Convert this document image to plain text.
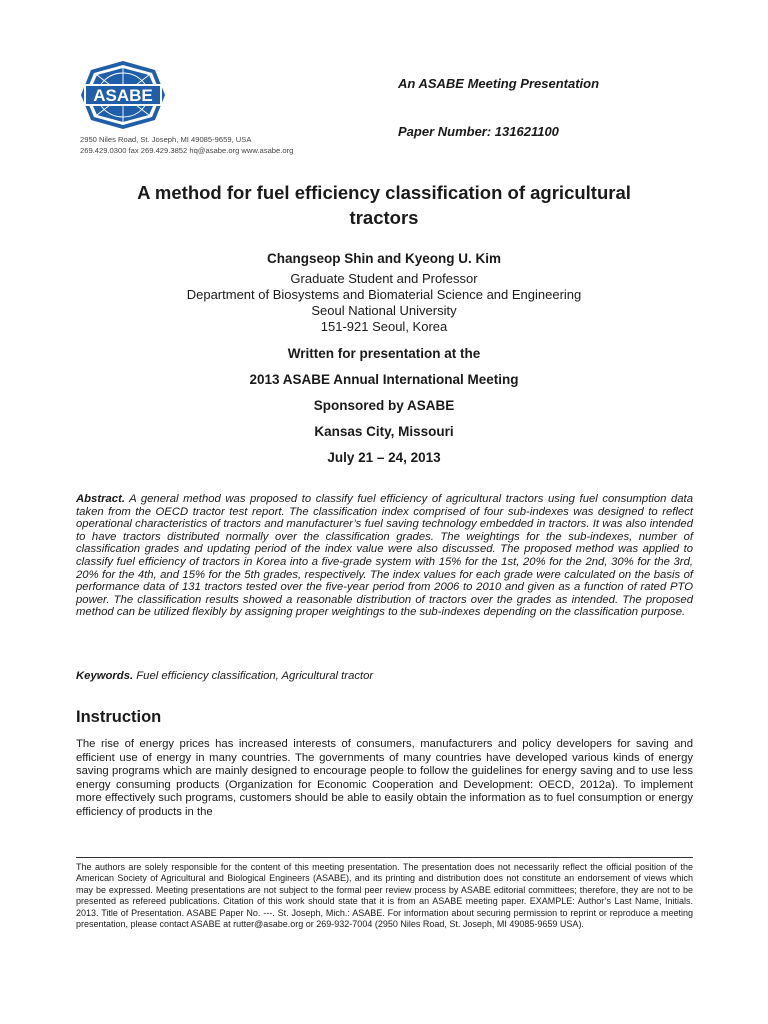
ASABE
2950 Niles Road, St. Joseph, MI 49085-9659, USA
269.429.0300 fax 269.429.3852 hq@asabe.org www.asabe.org
An ASABE Meeting Presentation
Paper Number: 131621100
A method for fuel efficiency classification of agricultural tractors
Changseop Shin and Kyeong U. Kim
Graduate Student and Professor
Department of Biosystems and Biomaterial Science and Engineering
Seoul National University
151-921 Seoul, Korea
Written for presentation at the
2013 ASABE Annual International Meeting
Sponsored by ASABE
Kansas City, Missouri
July 21 – 24, 2013
Abstract. A general method was proposed to classify fuel efficiency of agricultural tractors using fuel consumption data taken from the OECD tractor test report. The classification index comprised of four sub-indexes was designed to reflect operational characteristics of tractors and manufacturer’s fuel saving technology embedded in tractors. It was also intended to have tractors distributed normally over the classification grades. The weightings for the sub-indexes, number of classification grades and updating period of the index value were also discussed. The proposed method was applied to classify fuel efficiency of tractors in Korea into a five-grade system with 15% for the 1st, 20% for the 2nd, 30% for the 3rd, 20% for the 4th, and 15% for the 5th grades, respectively. The index values for each grade were calculated on the basis of performance data of 131 tractors tested over the five-year period from 2006 to 2010 and given as a function of rated PTO power. The classification results showed a reasonable distribution of tractors over the grades as intended. The proposed method can be utilized flexibly by assigning proper weightings to the sub-indexes depending on the classification purpose.
Keywords. Fuel efficiency classification, Agricultural tractor
Instruction
The rise of energy prices has increased interests of consumers, manufacturers and policy developers for saving and efficient use of energy in many countries. The governments of many countries have developed various kinds of energy saving programs which are mainly designed to encourage people to follow the guidelines for energy saving and to use less energy consuming products (Organization for Economic Cooperation and Development: OECD, 2012a). To implement more effectively such programs, customers should be able to easily obtain the information as to fuel consumption or energy efficiency of products in the
The authors are solely responsible for the content of this meeting presentation. The presentation does not necessarily reflect the official position of the American Society of Agricultural and Biological Engineers (ASABE), and its printing and distribution does not constitute an endorsement of views which may be expressed. Meeting presentations are not subject to the formal peer review process by ASABE editorial committees; therefore, they are not to be presented as refereed publications. Citation of this work should state that it is from an ASABE meeting paper. EXAMPLE: Author’s Last Name, Initials. 2013. Title of Presentation. ASABE Paper No. ---. St. Joseph, Mich.: ASABE. For information about securing permission to reprint or reproduce a meeting presentation, please contact ASABE at rutter@asabe.org or 269-932-7004 (2950 Niles Road, St. Joseph, MI 49085-9659 USA).
